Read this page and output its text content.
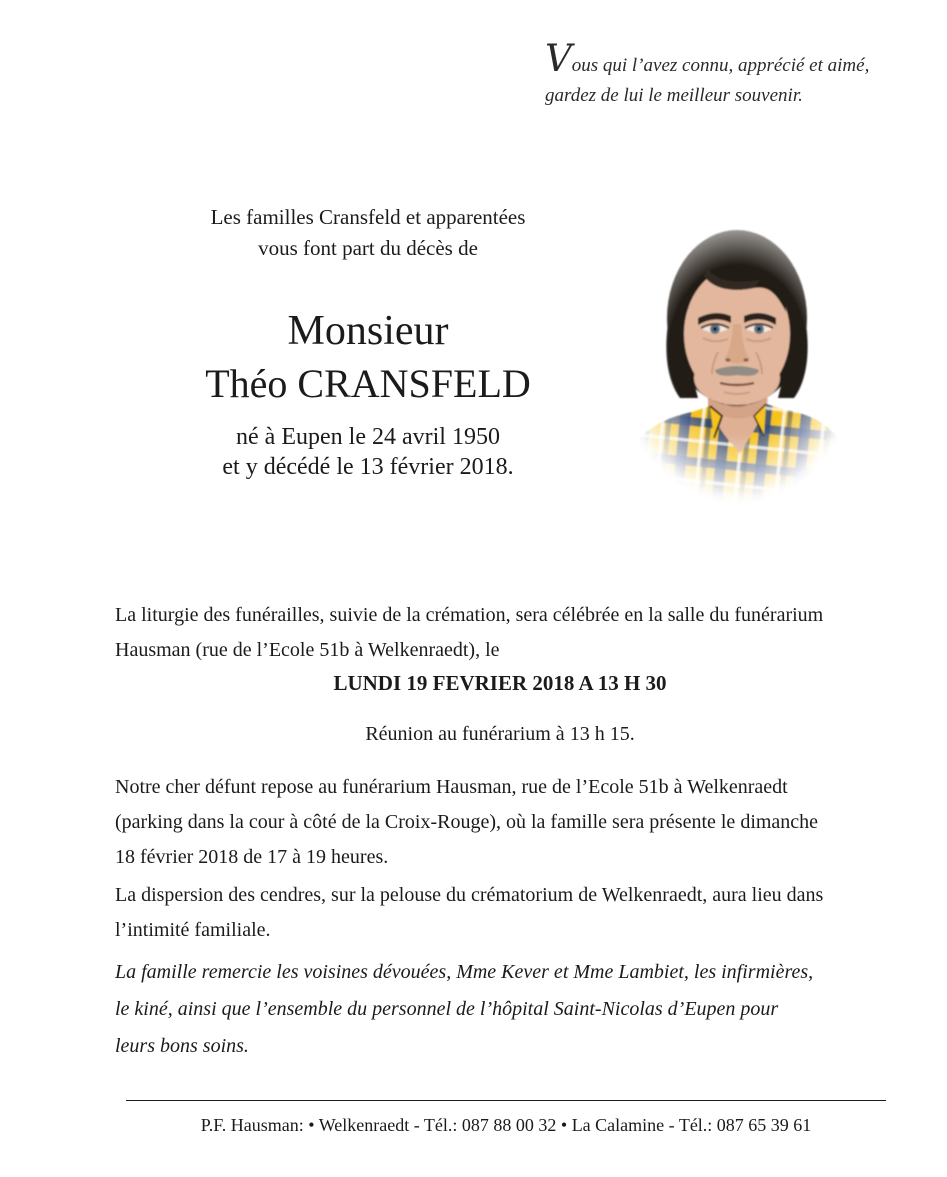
Vous qui l’avez connu, apprécié et aimé,
gardez de lui le meilleur souvenir.
Les familles Cransfeld et apparentées
vous font part du décès de
Monsieur
Théo CRANSFELD
né à Eupen le 24 avril 1950
et y décédé le 13 février 2018.
La liturgie des funérailles, suivie de la crémation, sera célébrée en la salle du funérarium
Hausman (rue de l’Ecole 51b à Welkenraedt), le
LUNDI 19 FEVRIER 2018 A 13 H 30
Réunion au funérarium à 13 h 15.
Notre cher défunt repose au funérarium Hausman, rue de l’Ecole 51b à Welkenraedt
(parking dans la cour à côté de la Croix-Rouge), où la famille sera présente le dimanche
18 février 2018 de 17 à 19 heures.
La dispersion des cendres, sur la pelouse du crématorium de Welkenraedt, aura lieu dans
l’intimité familiale.
La famille remercie les voisines dévouées, Mme Kever et Mme Lambiet, les infirmières,
le kiné, ainsi que l’ensemble du personnel de l’hôpital Saint-Nicolas d’Eupen pour
leurs bons soins.
P.F. Hausman: • Welkenraedt - Tél.: 087 88 00 32 • La Calamine - Tél.: 087 65 39 61
